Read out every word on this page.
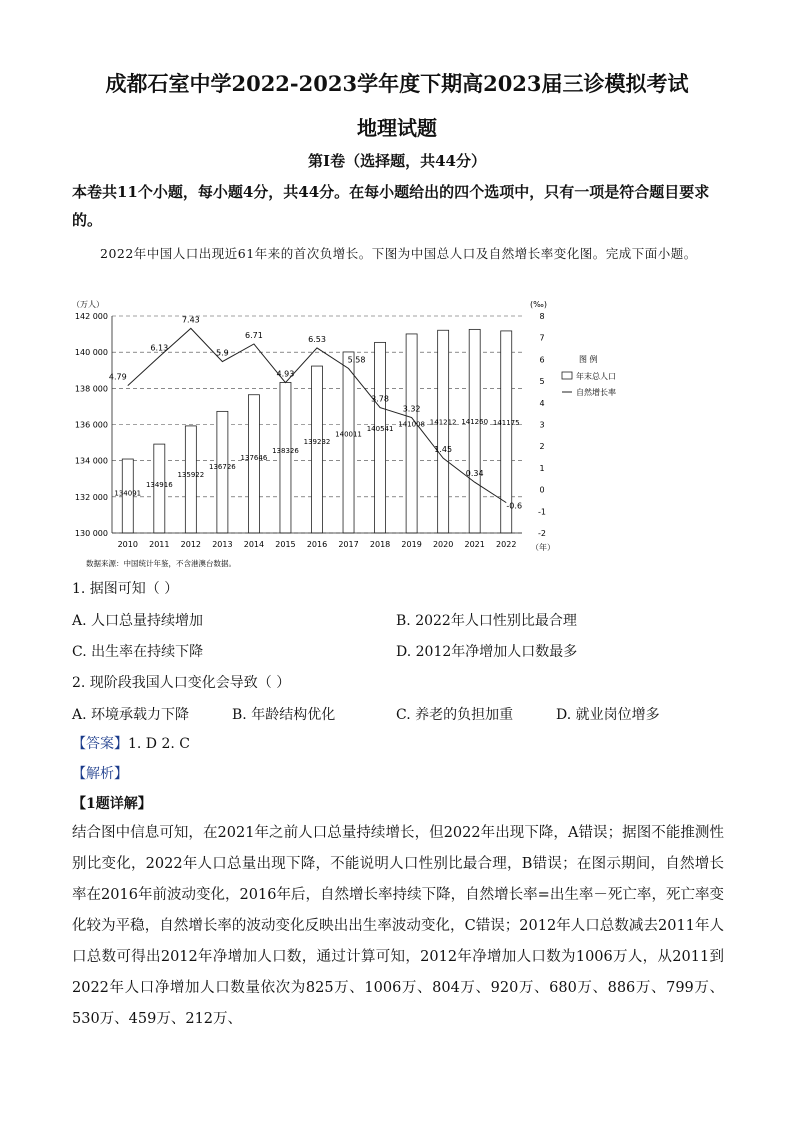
成都石室中学2022-2023学年度下期高2023届三诊模拟考试
地理试题
第Ⅰ卷（选择题，共44分）
本卷共11个小题，每小题4分，共44分。在每小题给出的四个选项中，只有一项是符合题目要求的。
2022年中国人口出现近61年来的首次负增长。下图为中国总人口及自然增长率变化图。完成下面小题。
134091
134916
135922
136726
137646
138326
139232
140011
140541
141008 141212 141260 141175
4.79
6.13
7.43
5.9
6.71
4.93
6.53
5.58
3.78
3.32
1.45
0.34
-0.6
（万人）	(‰)
（年）
142 000
140 000
138 000
136 000
134 000
132 000
130 000
8
7
6
5
4
3
2
1
0
-1
-2
2010 2011 2012 2013 2014 2015 2016 2017 2018 2019 2020 2021 2022
图 例
年末总人口
自然增长率
数据来源：中国统计年鉴，不含港澳台数据。
1. 据图可知（ ）
A. 人口总量持续增加	B. 2022年人口性别比最合理
C. 出生率在持续下降	D. 2012年净增加人口数最多
2. 现阶段我国人口变化会导致（ ）
A. 环境承载力下降	B. 年龄结构优化	C. 养老的负担加重	D. 就业岗位增多
【答案】1. D 2. C
【解析】
【1题详解】
结合图中信息可知，在2021年之前人口总量持续增长，但2022年出现下降，A错误；据图不能推测性别比变化，2022年人口总量出现下降，不能说明人口性别比最合理，B错误；在图示期间，自然增长率在2016年前波动变化，2016年后，自然增长率持续下降，自然增长率=出生率－死亡率，死亡率变化较为平稳，自然增长率的波动变化反映出出生率波动变化，C错误；2012年人口总数减去2011年人口总数可得出2012年净增加人口数，通过计算可知，2012年净增加人口数为1006万人，从2011到2022年人口净增加人口数量依次为825万、1006万、804万、920万、680万、886万、799万、530万、459万、212万、
